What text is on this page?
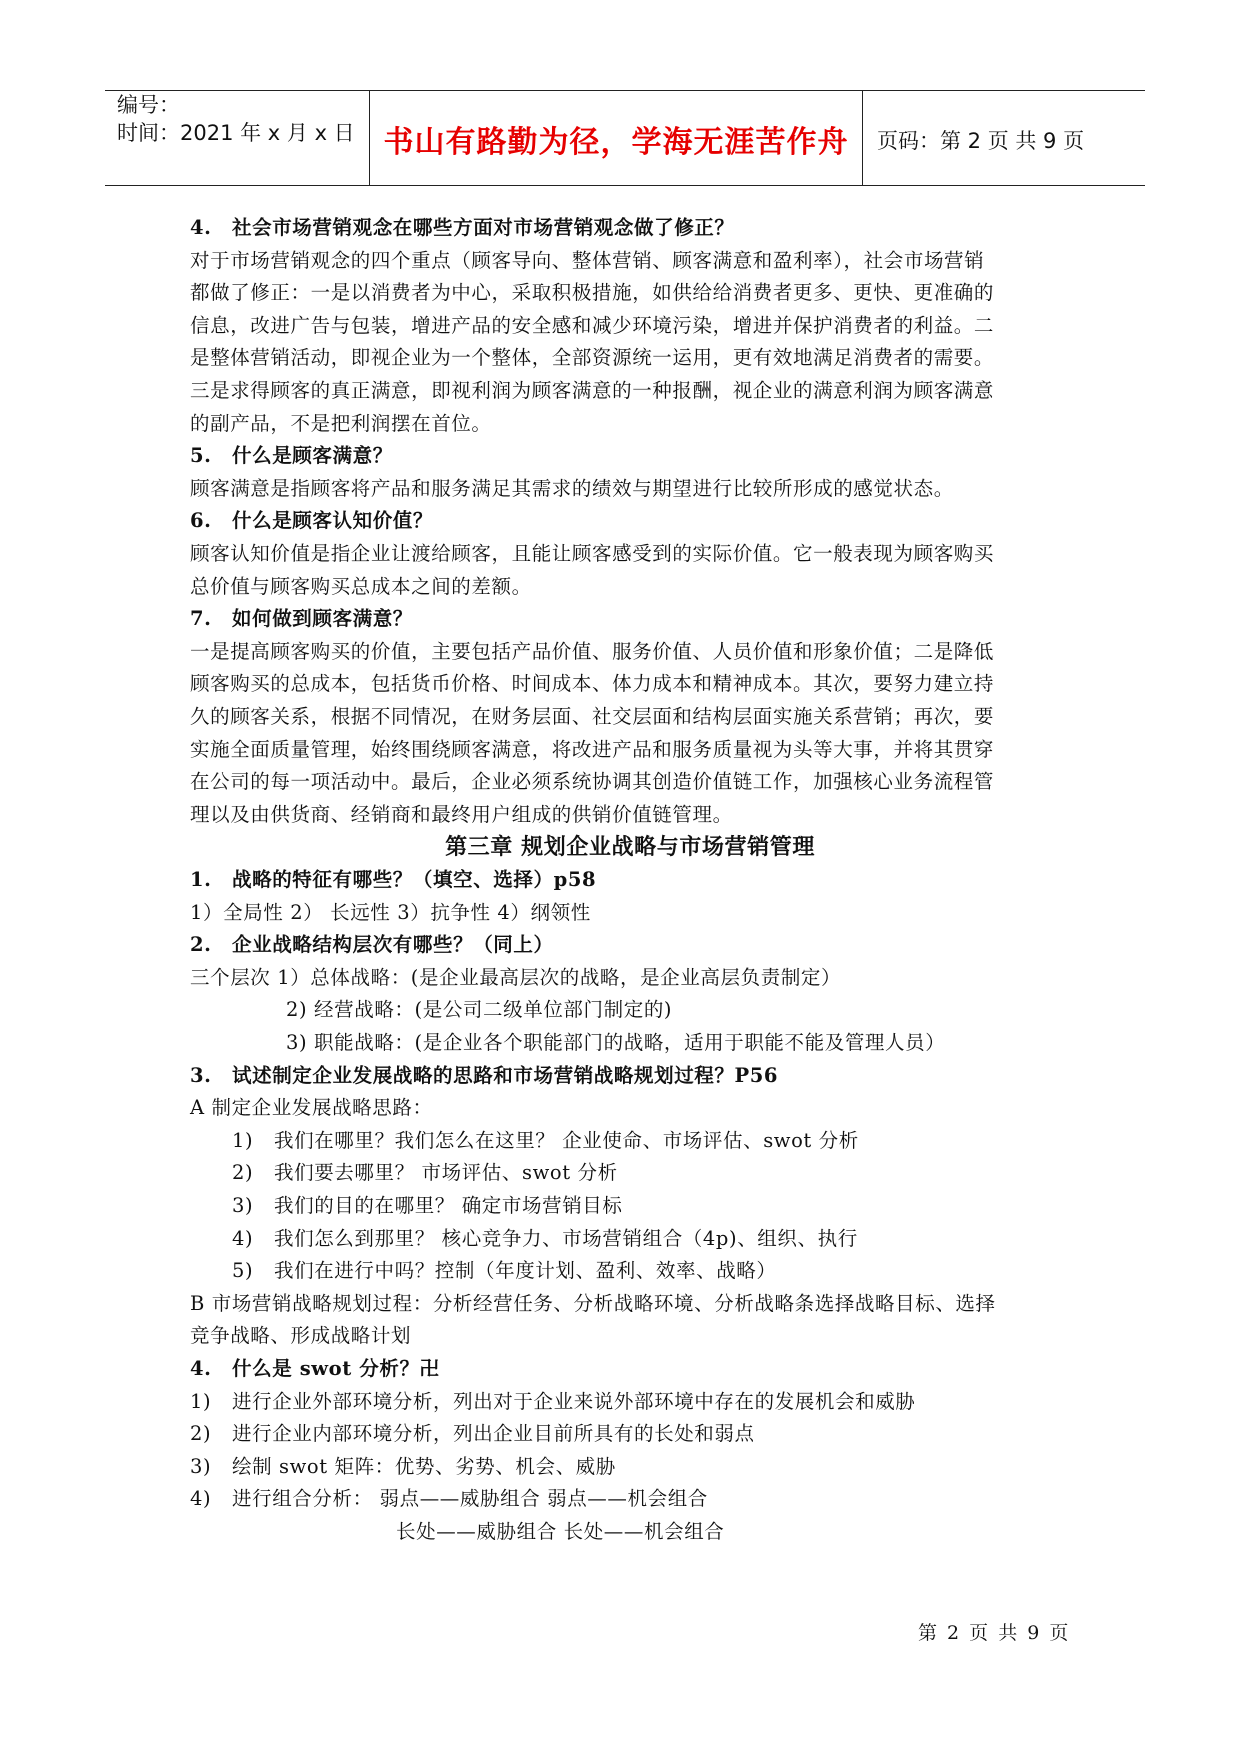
编号：
时间：2021 年 x 月 x 日 书山有路勤为径，学海无涯苦作舟	页码：第 2 页 共 9 页
4. 社会市场营销观念在哪些方面对市场营销观念做了修正？
对于市场营销观念的四个重点（顾客导向、整体营销、顾客满意和盈利率），社会市场营销
都做了修正：一是以消费者为中心，采取积极措施，如供给给消费者更多、更快、更准确的
信息，改进广告与包装，增进产品的安全感和减少环境污染，增进并保护消费者的利益。二
是整体营销活动，即视企业为一个整体，全部资源统一运用，更有效地满足消费者的需要。
三是求得顾客的真正满意，即视利润为顾客满意的一种报酬，视企业的满意利润为顾客满意
的副产品，不是把利润摆在首位。
5. 什么是顾客满意？
顾客满意是指顾客将产品和服务满足其需求的绩效与期望进行比较所形成的感觉状态。
6. 什么是顾客认知价值？
顾客认知价值是指企业让渡给顾客，且能让顾客感受到的实际价值。它一般表现为顾客购买
总价值与顾客购买总成本之间的差额。
7. 如何做到顾客满意？
一是提高顾客购买的价值，主要包括产品价值、服务价值、人员价值和形象价值；二是降低
顾客购买的总成本，包括货币价格、时间成本、体力成本和精神成本。其次，要努力建立持
久的顾客关系，根据不同情况，在财务层面、社交层面和结构层面实施关系营销；再次，要
实施全面质量管理，始终围绕顾客满意，将改进产品和服务质量视为头等大事，并将其贯穿
在公司的每一项活动中。最后，企业必须系统协调其创造价值链工作，加强核心业务流程管
理以及由供货商、经销商和最终用户组成的供销价值链管理。
第三章 规划企业战略与市场营销管理
1. 战略的特征有哪些？（填空、选择）p58
1）全局性 2） 长远性 3）抗争性 4）纲领性
2. 企业战略结构层次有哪些？（同上）
三个层次 1）总体战略：(是企业最高层次的战略，是企业高层负责制定）
2) 经营战略：(是公司二级单位部门制定的)
3) 职能战略：(是企业各个职能部门的战略，适用于职能不能及管理人员）
3. 试述制定企业发展战略的思路和市场营销战略规划过程？P56
A 制定企业发展战略思路：
1) 我们在哪里？我们怎么在这里？ 企业使命、市场评估、swot 分析
2) 我们要去哪里？ 市场评估、swot 分析
3) 我们的目的在哪里？ 确定市场营销目标
4) 我们怎么到那里？ 核心竞争力、市场营销组合（4p)、组织、执行
5) 我们在进行中吗？控制（年度计划、盈利、效率、战略）
B 市场营销战略规划过程：分析经营任务、分析战略环境、分析战略条选择战略目标、选择
竞争战略、形成战略计划
4. 什么是 swot 分析？卍
1) 进行企业外部环境分析，列出对于企业来说外部环境中存在的发展机会和威胁
2) 进行企业内部环境分析，列出企业目前所具有的长处和弱点
3) 绘制 swot 矩阵：优势、劣势、机会、威胁
4) 进行组合分析： 弱点——威胁组合 弱点——机会组合
长处——威胁组合 长处——机会组合
第 2 页 共 9 页
